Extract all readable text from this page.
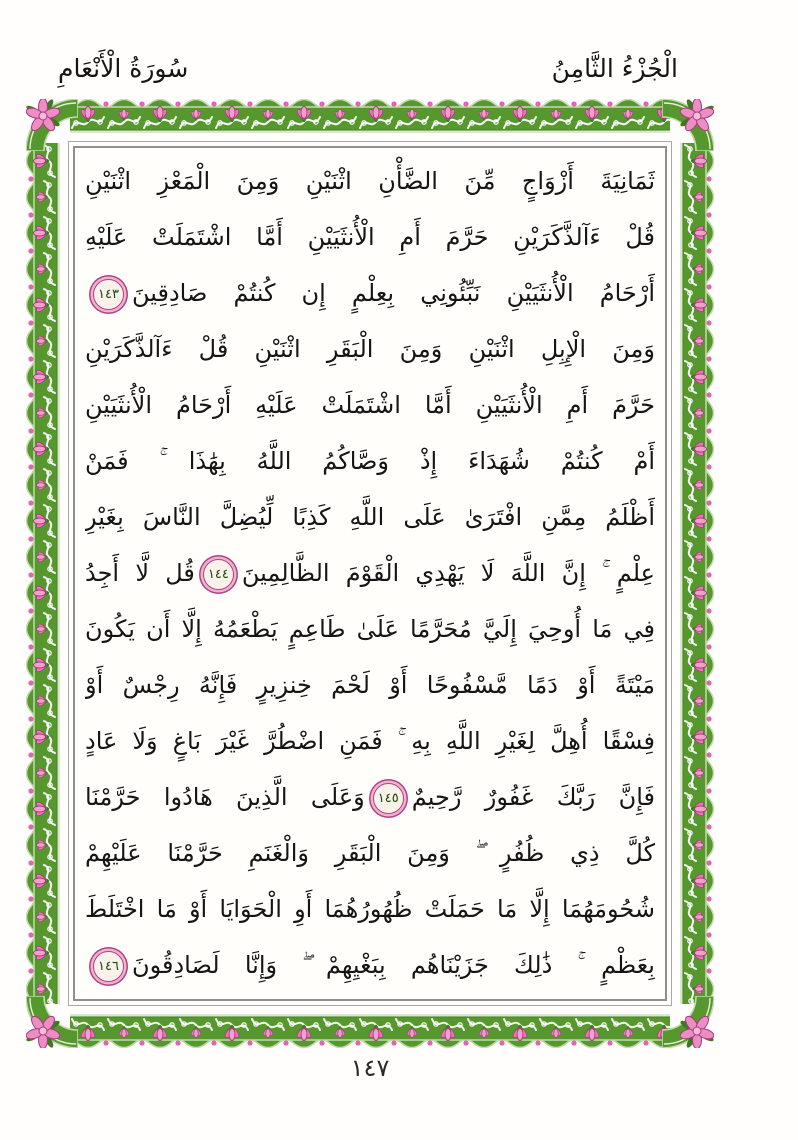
الْجُزْءُ الثَّامِنُ
سُورَةُ الْأَنْعَامِ
ثَمَانِيَةَ أَزْوَاجٍ مِّنَ الضَّأْنِ اثْنَيْنِ وَمِنَ الْمَعْزِ اثْنَيْنِ
قُلْ ءَآلذَّكَرَيْنِ حَرَّمَ أَمِ الْأُنثَيَيْنِ أَمَّا اشْتَمَلَتْ عَلَيْهِ
أَرْحَامُ الْأُنثَيَيْنِ نَبِّئُونِي بِعِلْمٍ إِن كُنتُمْ صَادِقِينَ١٤٣
وَمِنَ الْإِبِلِ اثْنَيْنِ وَمِنَ الْبَقَرِ اثْنَيْنِ قُلْ ءَآلذَّكَرَيْنِ
حَرَّمَ أَمِ الْأُنثَيَيْنِ أَمَّا اشْتَمَلَتْ عَلَيْهِ أَرْحَامُ الْأُنثَيَيْنِ
أَمْ كُنتُمْ شُهَدَاءَ إِذْ وَصَّاكُمُ اللَّهُ بِهَٰذَا ۚ فَمَنْ
أَظْلَمُ مِمَّنِ افْتَرَىٰ عَلَى اللَّهِ كَذِبًا لِّيُضِلَّ النَّاسَ بِغَيْرِ
عِلْمٍ ۚ إِنَّ اللَّهَ لَا يَهْدِي الْقَوْمَ الظَّالِمِينَ١٤٤قُل لَّا أَجِدُ
فِي مَا أُوحِيَ إِلَيَّ مُحَرَّمًا عَلَىٰ طَاعِمٍ يَطْعَمُهُ إِلَّا أَن يَكُونَ
مَيْتَةً أَوْ دَمًا مَّسْفُوحًا أَوْ لَحْمَ خِنزِيرٍ فَإِنَّهُ رِجْسٌ أَوْ
فِسْقًا أُهِلَّ لِغَيْرِ اللَّهِ بِهِ ۚ فَمَنِ اضْطُرَّ غَيْرَ بَاغٍ وَلَا عَادٍ
فَإِنَّ رَبَّكَ غَفُورٌ رَّحِيمٌ١٤٥وَعَلَى الَّذِينَ هَادُوا حَرَّمْنَا
كُلَّ ذِي ظُفُرٍ ۖ وَمِنَ الْبَقَرِ وَالْغَنَمِ حَرَّمْنَا عَلَيْهِمْ
شُحُومَهُمَا إِلَّا مَا حَمَلَتْ ظُهُورُهُمَا أَوِ الْحَوَايَا أَوْ مَا اخْتَلَطَ
بِعَظْمٍ ۚ ذَٰلِكَ جَزَيْنَاهُم بِبَغْيِهِمْ ۖ وَإِنَّا لَصَادِقُونَ١٤٦
١٤٧
